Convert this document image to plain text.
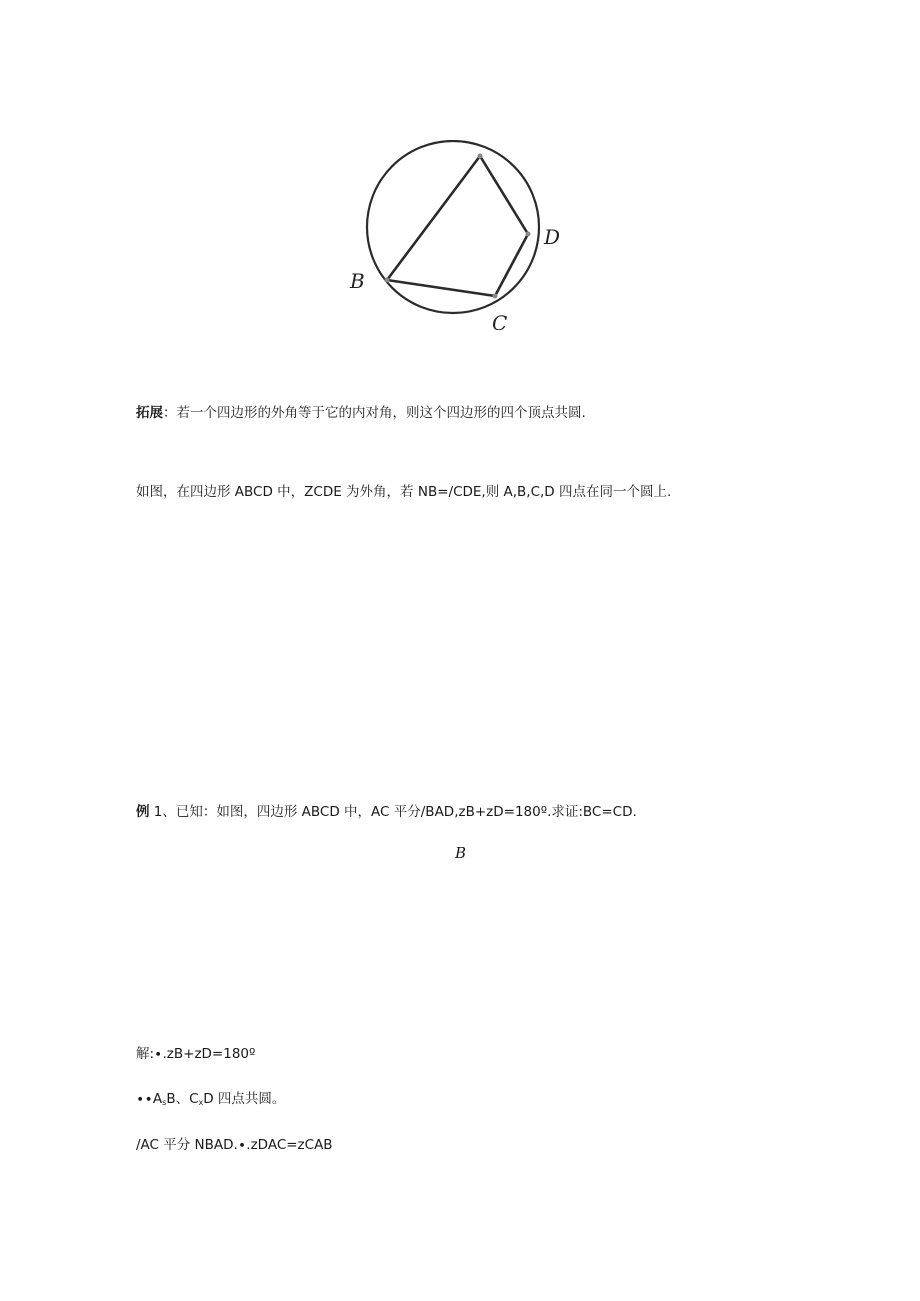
B
D
C
拓展：若一个四边形的外角等于它的内对角，则这个四边形的四个顶点共圆.
如图，在四边形 ABCD 中，ZCDE 为外角，若 NB=/CDE,则 A,B,C,D 四点在同一个圆上.
例 1、已知：如图，四边形 ABCD 中，AC 平分/BAD,zB+zD=180º.求证:BC=CD.
B
解:∙.zB+zD=180º
$\cdot\cdot A_sB$、$C_xD$ 四点共圆。
/AC 平分 NBAD.∙.zDAC=zCAB
